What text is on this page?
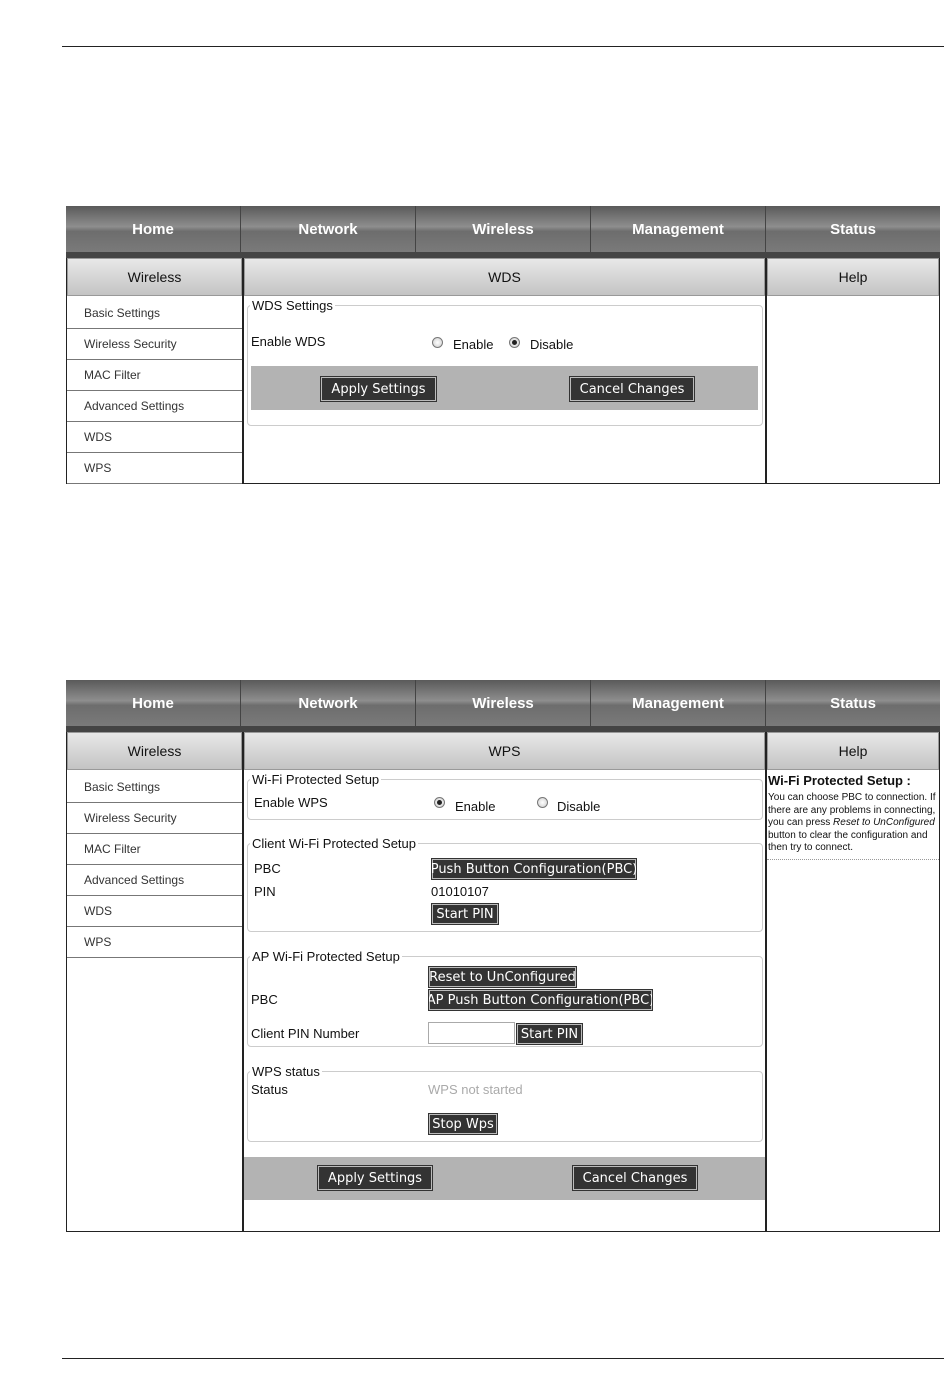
Home	Network	Wireless	Management	Status
Wireless
Basic Settings
Wireless Security
MAC Filter
Advanced Settings
WDS
WPS
WDS
WDS Settings
Enable WDS	Enable	Disable
Apply Settings	Cancel Changes
Help
Home	Network	Wireless	Management	Status
Wireless
Basic Settings
Wireless Security
MAC Filter
Advanced Settings
WDS
WPS
WPS
Wi-Fi Protected Setup
Enable WPS	Enable	Disable
Client Wi-Fi Protected Setup
PBC	Push Button Configuration(PBC)
PIN	01010107
Start PIN
AP Wi-Fi Protected Setup
Reset to UnConfigured
PBC	AP Push Button Configuration(PBC)
Client PIN Number	Start PIN
WPS status
Status	WPS not started
Stop Wps
Apply Settings	Cancel Changes
Help
Wi-Fi Protected Setup :
You can choose PBC to connection. If there are any problems in connecting, you can press Reset to UnConfigured button to clear the configuration and then try to connect.
